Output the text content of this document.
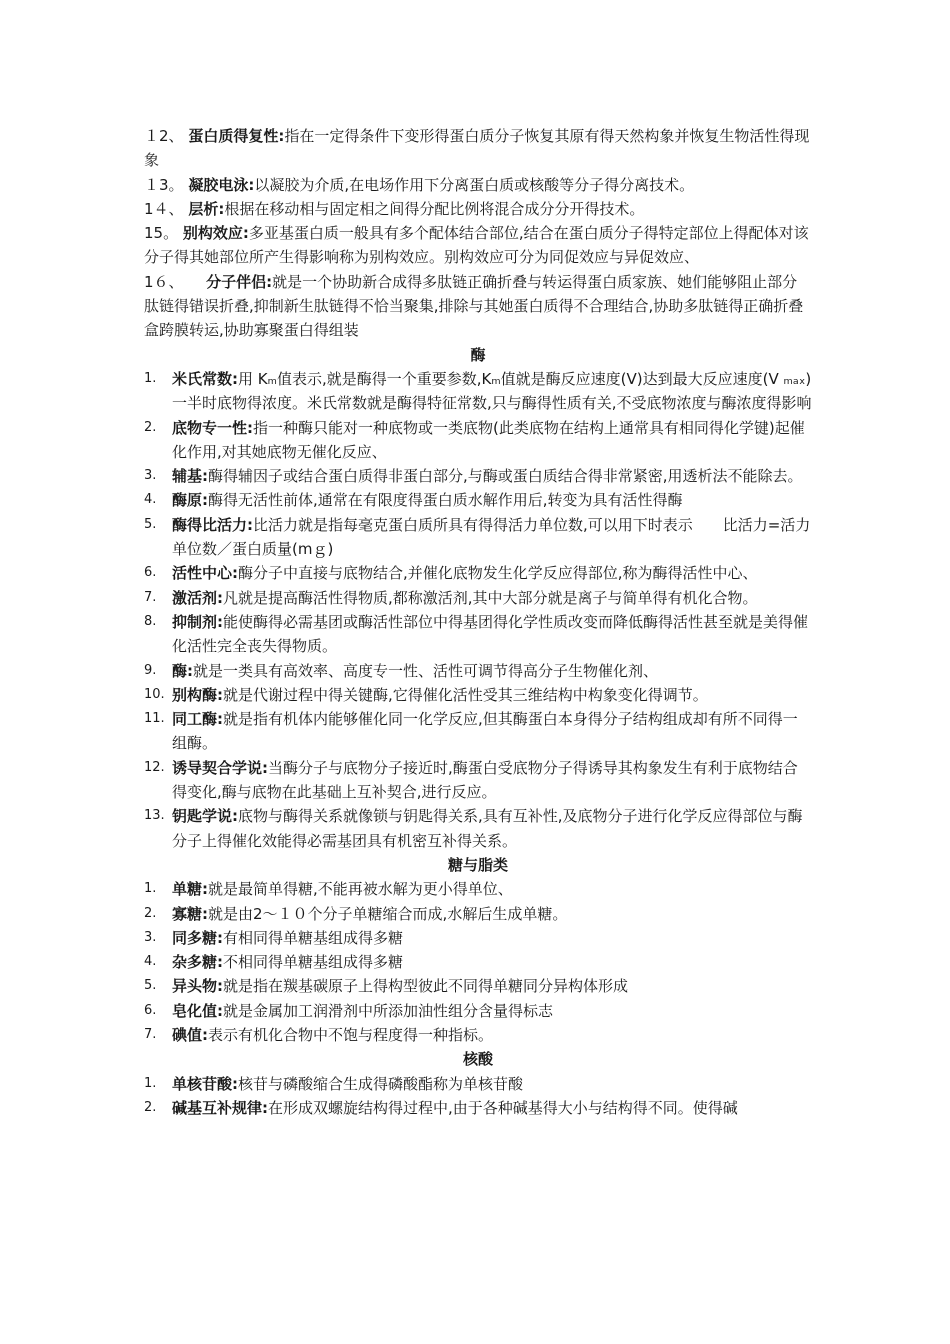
１2、 蛋白质得复性:指在一定得条件下变形得蛋白质分子恢复其原有得天然构象并恢复生物活性得现象

１3。 凝胶电泳:以凝胶为介质,在电场作用下分离蛋白质或核酸等分子得分离技术。

1４、 层析:根据在移动相与固定相之间得分配比例将混合成分分开得技术。

15。 别构效应:多亚基蛋白质一般具有多个配体结合部位,结合在蛋白质分子得特定部位上得配体对该分子得其她部位所产生得影响称为别构效应。别构效应可分为同促效应与异促效应、

1６、　　 分子伴侣:就是一个协助新合成得多肽链正确折叠与转运得蛋白质家族、她们能够阻止部分肽链得错误折叠,抑制新生肽链得不恰当聚集,排除与其她蛋白质得不合理结合,协助多肽链得正确折叠盒跨膜转运,协助寡聚蛋白得组装

酶

1. 米氏常数:用 Kₘ值表示,就是酶得一个重要参数,Kₘ值就是酶反应速度(V)达到最大反应速度(V ₘₐₓ)一半时底物得浓度。米氏常数就是酶得特征常数,只与酶得性质有关,不受底物浓度与酶浓度得影响
2. 底物专一性:指一种酶只能对一种底物或一类底物(此类底物在结构上通常具有相同得化学键)起催化作用,对其她底物无催化反应、
3. 辅基:酶得辅因子或结合蛋白质得非蛋白部分,与酶或蛋白质结合得非常紧密,用透析法不能除去。
4. 酶原:酶得无活性前体,通常在有限度得蛋白质水解作用后,转变为具有活性得酶
5. 酶得比活力:比活力就是指每毫克蛋白质所具有得得活力单位数,可以用下时表示　　比活力=活力单位数／蛋白质量(mｇ)
6. 活性中心:酶分子中直接与底物结合,并催化底物发生化学反应得部位,称为酶得活性中心、
7. 激活剂:凡就是提高酶活性得物质,都称激活剂,其中大部分就是离子与简单得有机化合物。
8. 抑制剂:能使酶得必需基团或酶活性部位中得基团得化学性质改变而降低酶得活性甚至就是美得催化活性完全丧失得物质。
9. 酶:就是一类具有高效率、高度专一性、活性可调节得高分子生物催化剂、
10. 别构酶:就是代谢过程中得关键酶,它得催化活性受其三维结构中构象变化得调节。
11. 同工酶:就是指有机体内能够催化同一化学反应,但其酶蛋白本身得分子结构组成却有所不同得一组酶。
12. 诱导契合学说:当酶分子与底物分子接近时,酶蛋白受底物分子得诱导其构象发生有利于底物结合得变化,酶与底物在此基础上互补契合,进行反应。
13. 钥匙学说:底物与酶得关系就像锁与钥匙得关系,具有互补性,及底物分子进行化学反应得部位与酶分子上得催化效能得必需基团具有机密互补得关系。

糖与脂类

1. 单糖:就是最简单得糖,不能再被水解为更小得单位、
2. 寡糖:就是由2～１０个分子单糖缩合而成,水解后生成单糖。
3. 同多糖:有相同得单糖基组成得多糖
4. 杂多糖:不相同得单糖基组成得多糖
5. 异头物:就是指在羰基碳原子上得构型彼此不同得单糖同分异构体形成
6. 皂化值:就是金属加工润滑剂中所添加油性组分含量得标志
7. 碘值:表示有机化合物中不饱与程度得一种指标。

核酸

1. 单核苷酸:核苷与磷酸缩合生成得磷酸酯称为单核苷酸
2. 碱基互补规律:在形成双螺旋结构得过程中,由于各种碱基得大小与结构得不同。使得碱
